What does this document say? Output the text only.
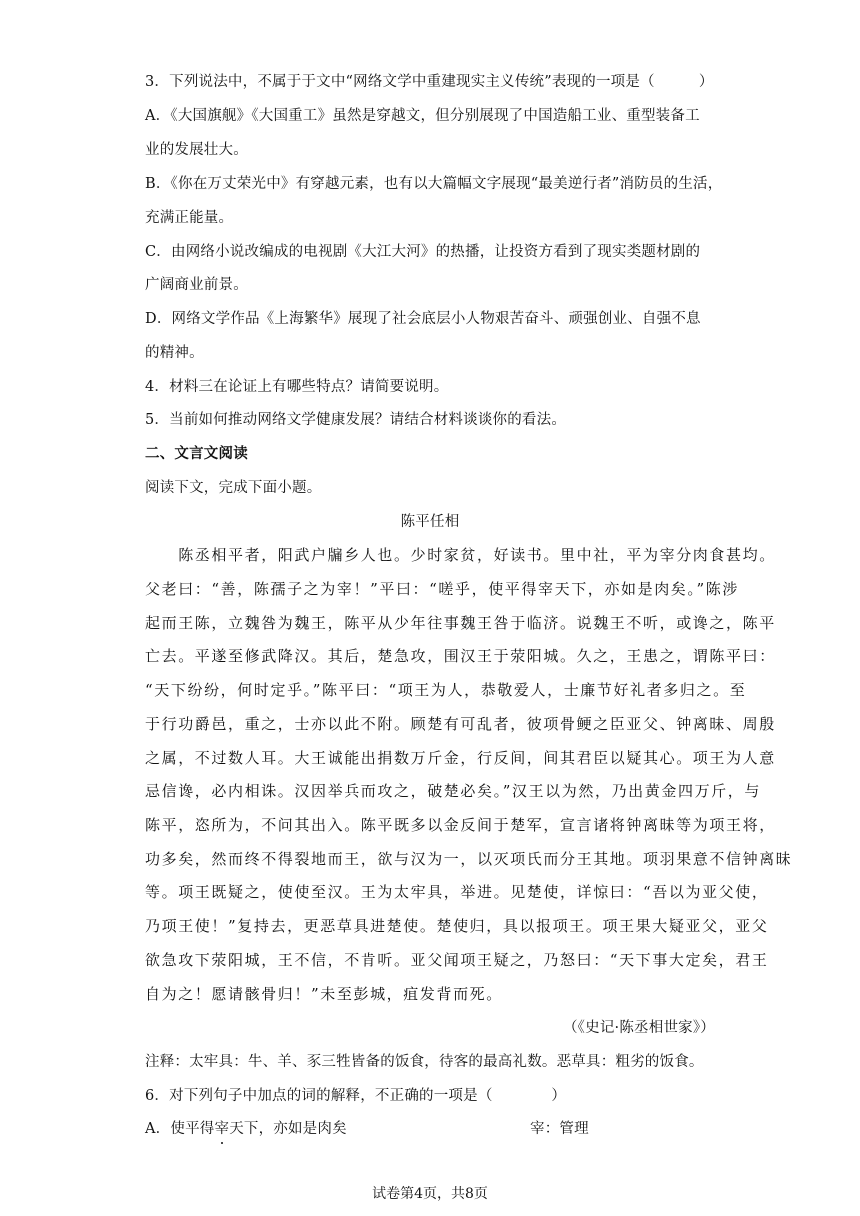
3．下列说法中，不属于于文中“网络文学中重建现实主义传统”表现的一项是（　　　）
A．《大国旗舰》《大国重工》虽然是穿越文，但分别展现了中国造船工业、重型装备工
业的发展壮大。
B．《你在万丈荣光中》有穿越元素，也有以大篇幅文字展现“最美逆行者”消防员的生活，
充满正能量。
C．由网络小说改编成的电视剧《大江大河》的热播，让投资方看到了现实类题材剧的
广阔商业前景。
D．网络文学作品《上海繁华》展现了社会底层小人物艰苦奋斗、顽强创业、自强不息
的精神。
4．材料三在论证上有哪些特点？请简要说明。
5．当前如何推动网络文学健康发展？请结合材料谈谈你的看法。
二、文言文阅读
阅读下文，完成下面小题。
陈平任相
　　陈丞相平者，阳武户牖乡人也。少时家贫，好读书。里中社，平为宰分肉食甚均。
父老曰：“善，陈孺子之为宰！”平曰：“嗟乎，使平得宰天下，亦如是肉矣。”陈涉
起而王陈，立魏咎为魏王，陈平从少年往事魏王咎于临济。说魏王不听，或谗之，陈平
亡去。平遂至修武降汉。其后，楚急攻，围汉王于荥阳城。久之，王患之，谓陈平曰：
“天下纷纷，何时定乎。”陈平曰：“项王为人，恭敬爱人，士廉节好礼者多归之。至
于行功爵邑，重之，士亦以此不附。顾楚有可乱者，彼项骨鲠之臣亚父、钟离昧、周殷
之属，不过数人耳。大王诚能出捐数万斤金，行反间，间其君臣以疑其心。项王为人意
忌信谗，必内相诛。汉因举兵而攻之，破楚必矣。”汉王以为然，乃出黄金四万斤，与
陈平，恣所为，不问其出入。陈平既多以金反间于楚军，宣言诸将钟离昧等为项王将，
功多矣，然而终不得裂地而王，欲与汉为一，以灭项氏而分王其地。项羽果意不信钟离昧
等。项王既疑之，使使至汉。王为太牢具，举进。见楚使，详惊曰：“吾以为亚父使，
乃项王使！”复持去，更恶草具进楚使。楚使归，具以报项王。项王果大疑亚父，亚父
欲急攻下荥阳城，王不信，不肯听。亚父闻项王疑之，乃怒曰：“天下事大定矣，君王
自为之！愿请骸骨归！”未至彭城，疽发背而死。
（《史记·陈丞相世家》）
注释：太牢具：牛、羊、豕三牲皆备的饭食，待客的最高礼数。恶草具：粗劣的饭食。
6．对下列句子中加点的词的解释，不正确的一项是（　　　　）
A．使平得宰天下，亦如是肉矣	宰：管理
试卷第4页，共8页
